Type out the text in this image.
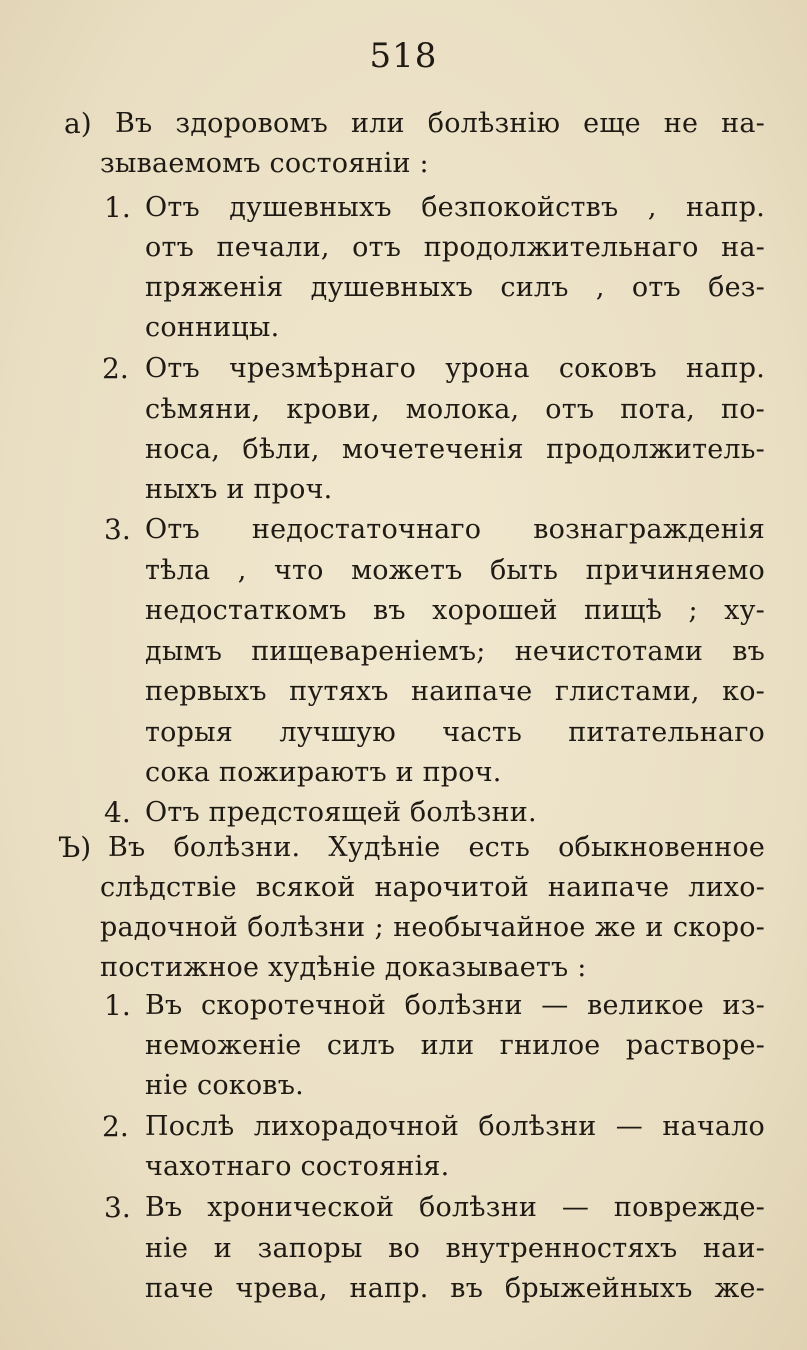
518
а) Въ здоровомъ или болѣзнію еще не на-
зываемомъ состояніи :
1. Отъ душевныхъ безпокойствъ , напр.
отъ печали, отъ продолжительнаго на-
пряженія душевныхъ силъ , отъ без-
сонницы.
2. Отъ чрезмѣрнаго урона соковъ напр.
сѣмяни, крови, молока, отъ пота, по-
носа, бѣли, мочетеченія продолжитель-
ныхъ и проч.
3. Отъ недостаточнаго вознагражденія
тѣла , что можетъ быть причиняемо
недостаткомъ въ хорошей пищѣ ; ху-
дымъ пищевареніемъ; нечистотами въ
первыхъ путяхъ наипаче глистами, ко-
торыя лучшую часть питательнаго
сока пожираютъ и проч.
4. Отъ предстоящей болѣзни.
Ъ) Въ болѣзни. Худѣніе есть обыкновенное
слѣдствіе всякой нарочитой наипаче лихо-
радочной болѣзни ; необычайное же и скоро-
постижное худѣніе доказываетъ :
1. Въ скоротечной болѣзни — великое из-
неможеніе силъ или гнилое растворе-
ніе соковъ.
2. Послѣ лихорадочной болѣзни — начало
чахотнаго состоянія.
3. Въ хронической болѣзни — поврежде-
ніе и запоры во внутренностяхъ наи-
паче чрева, напр. въ брыжейныхъ же-
